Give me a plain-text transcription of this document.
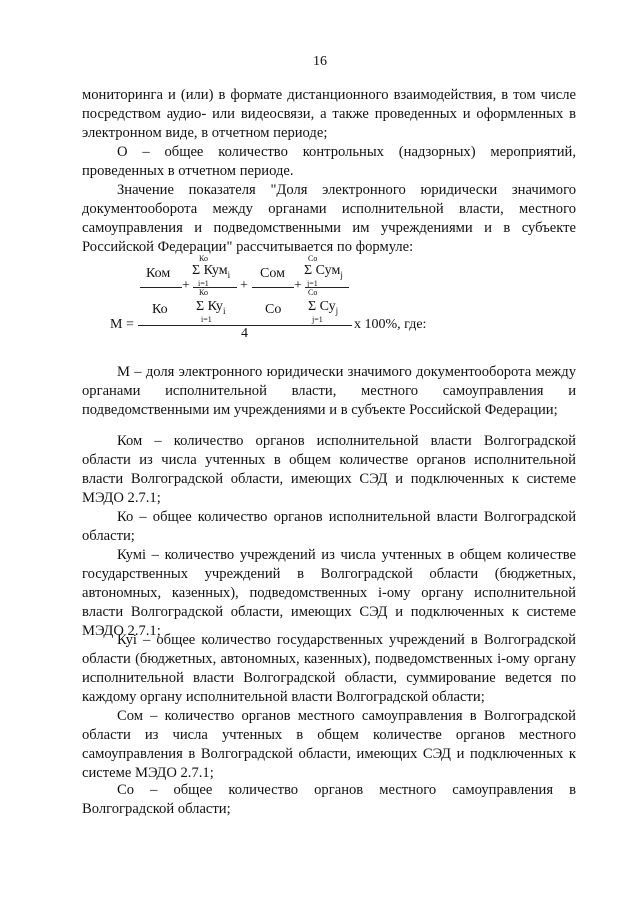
16

мониторинга и (или) в формате дистанционного взаимодействия, в том числе посредством аудио- или видеосвязи, а также проведенных и оформленных в электронном виде, в отчетном периоде;

О – общее количество контрольных (надзорных) мероприятий, проведенных в отчетном периоде.

Значение показателя "Доля электронного юридически значимого документооборота между органами исполнительной власти, местного самоуправления и подведомственными им учреждениями и в субъекте Российской Федерации" рассчитывается по формуле:

Ком
Ко
Σ Кум$_i$
i=1
Сом
Со
Σ Сум$_j$
j=1
+	+	+
Ко	Со
Ко Σ $Ку_i$
i=1
Со Σ $Су_j$
j=1
M =	x 100%, где:
4

М – доля электронного юридически значимого документооборота между органами исполнительной власти, местного самоуправления и подведомственными им учреждениями и в субъекте Российской Федерации;

Ком – количество органов исполнительной власти Волгоградской области из числа учтенных в общем количестве органов исполнительной власти Волгоградской области, имеющих СЭД и подключенных к системе МЭДО 2.7.1;

Ко – общее количество органов исполнительной власти Волгоградской области;

Кумi – количество учреждений из числа учтенных в общем количестве государственных учреждений в Волгоградской области (бюджетных, автономных, казенных), подведомственных i-ому органу исполнительной власти Волгоградской области, имеющих СЭД и подключенных к системе МЭДО 2.7.1;

Куi – общее количество государственных учреждений в Волгоградской области (бюджетных, автономных, казенных), подведомственных i-ому органу исполнительной власти Волгоградской области, суммирование ведется по каждому органу исполнительной власти Волгоградской области;

Сом – количество органов местного самоуправления в Волгоградской области из числа учтенных в общем количестве органов местного самоуправления в Волгоградской области, имеющих СЭД и подключенных к системе МЭДО 2.7.1;

Со – общее количество органов местного самоуправления в Волгоградской области;
